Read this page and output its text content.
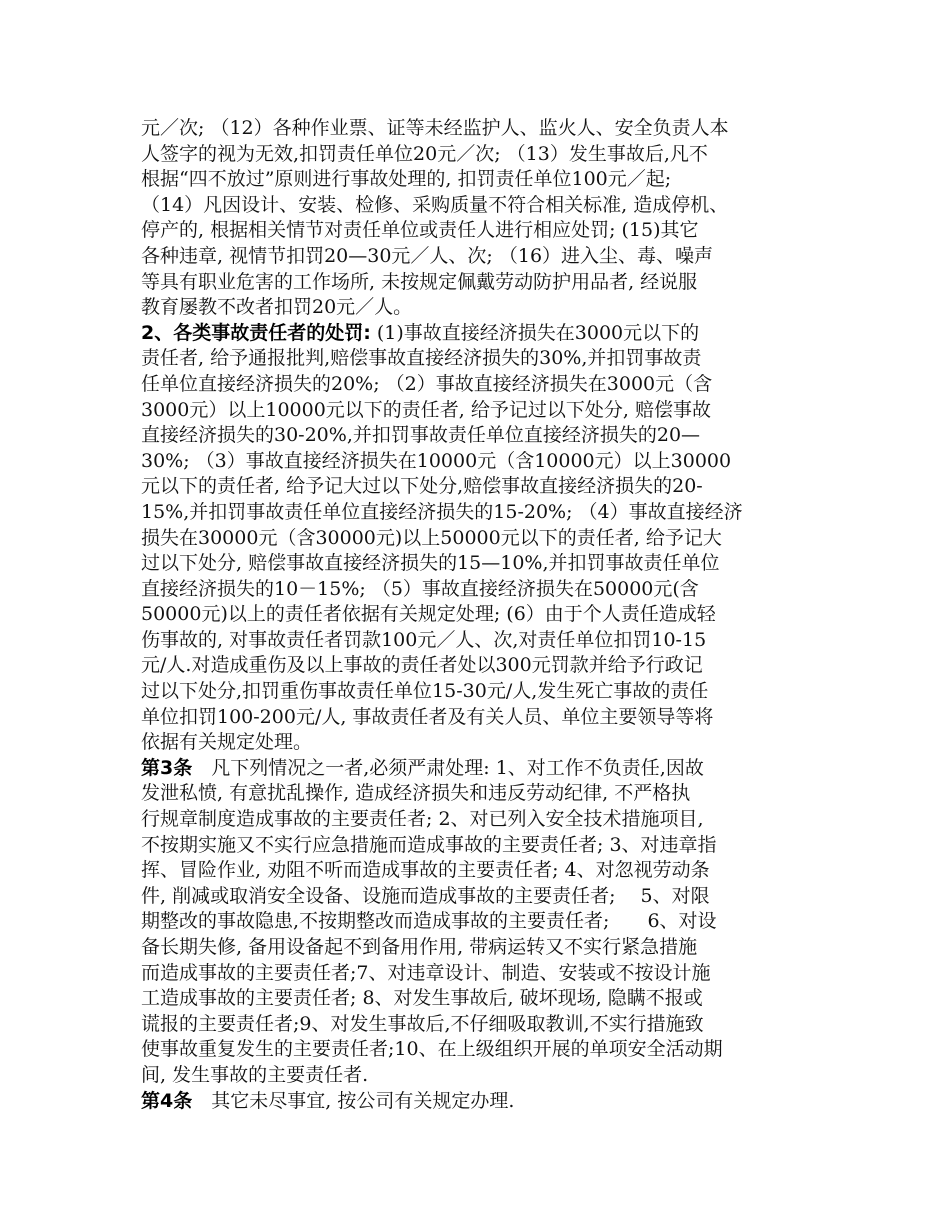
元／次; （12）各种作业票、证等未经监护人、监火人、安全负责人本
人签字的视为无效,扣罚责任单位20元／次; （13）发生事故后,凡不
根据“四不放过”原则进行事故处理的, 扣罚责任单位100元／起;
（14）凡因设计、安装、检修、采购质量不符合相关标准, 造成停机、
停产的, 根据相关情节对责任单位或责任人进行相应处罚; (15)其它
各种违章, 视情节扣罚20—30元／人、次; （16）进入尘、毒、噪声
等具有职业危害的工作场所, 未按规定佩戴劳动防护用品者, 经说服
教育屡教不改者扣罚20元／人。
2、各类事故责任者的处罚: (1)事故直接经济损失在3000元以下的
责任者, 给予通报批判,赔偿事故直接经济损失的30%,并扣罚事故责
任单位直接经济损失的20%; （2）事故直接经济损失在3000元（含
3000元）以上10000元以下的责任者, 给予记过以下处分, 赔偿事故
直接经济损失的30-20%,并扣罚事故责任单位直接经济损失的20—
30%; （3）事故直接经济损失在10000元（含10000元）以上30000
元以下的责任者, 给予记大过以下处分,赔偿事故直接经济损失的20-
15%,并扣罚事故责任单位直接经济损失的15-20%; （4）事故直接经济
损失在30000元（含30000元)以上50000元以下的责任者, 给予记大
过以下处分, 赔偿事故直接经济损失的15—10%,并扣罚事故责任单位
直接经济损失的10－15%; （5）事故直接经济损失在50000元(含
50000元)以上的责任者依据有关规定处理; (6）由于个人责任造成轻
伤事故的, 对事故责任者罚款100元／人、次,对责任单位扣罚10-15
元/人.对造成重伤及以上事故的责任者处以300元罚款并给予行政记
过以下处分,扣罚重伤事故责任单位15-30元/人,发生死亡事故的责任
单位扣罚100-200元/人, 事故责任者及有关人员、单位主要领导等将
依据有关规定处理。
第3条　凡下列情况之一者,必须严肃处理: 1、对工作不负责任,因故
发泄私愤, 有意扰乱操作, 造成经济损失和违反劳动纪律, 不严格执
行规章制度造成事故的主要责任者; 2、对已列入安全技术措施项目,
不按期实施又不实行应急措施而造成事故的主要责任者; 3、对违章指
挥、冒险作业, 劝阻不听而造成事故的主要责任者; 4、对忽视劳动条
件, 削减或取消安全设备、设施而造成事故的主要责任者;　 5、对限
期整改的事故隐患,不按期整改而造成事故的主要责任者;　　6、对设
备长期失修, 备用设备起不到备用作用, 带病运转又不实行紧急措施
而造成事故的主要责任者;7、对违章设计、制造、安装或不按设计施
工造成事故的主要责任者; 8、对发生事故后, 破坏现场, 隐瞒不报或
谎报的主要责任者;9、对发生事故后,不仔细吸取教训,不实行措施致
使事故重复发生的主要责任者;10、在上级组织开展的单项安全活动期
间, 发生事故的主要责任者.
第4条　其它未尽事宜, 按公司有关规定办理.
